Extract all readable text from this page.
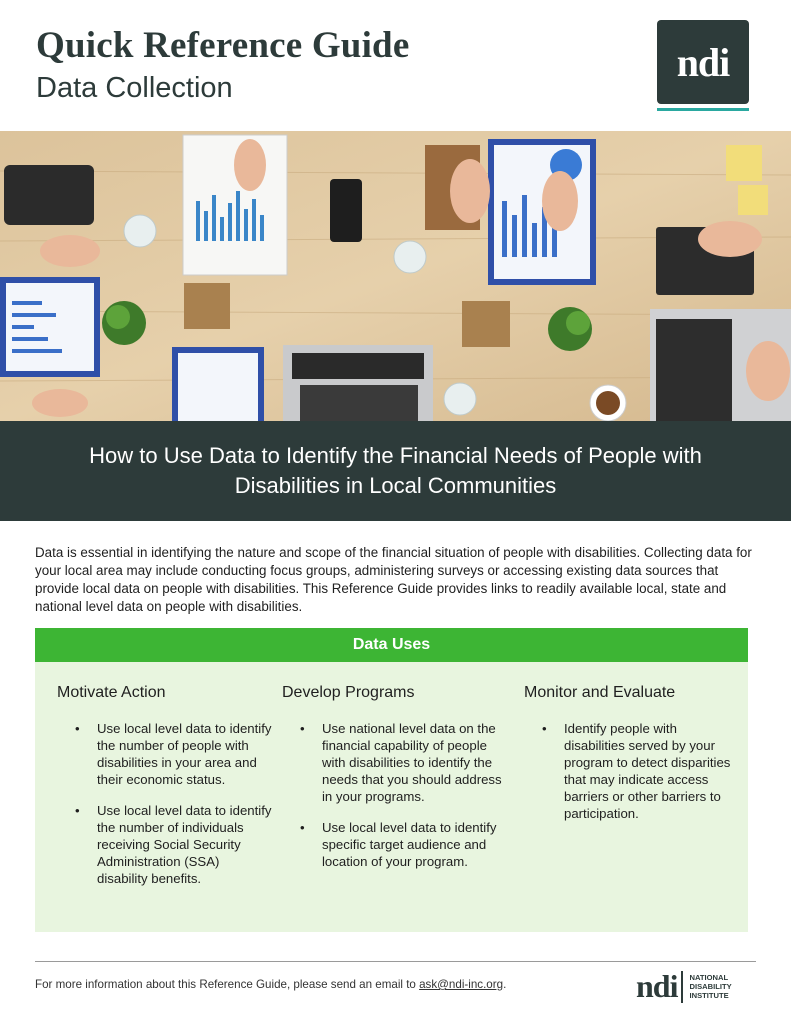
Quick Reference Guide
Data Collection
ndi
How to Use Data to Identify the Financial Needs of People with Disabilities in Local Communities

Data is essential in identifying the nature and scope of the financial situation of people with disabilities. Collecting data for your local area may include conducting focus groups, administering surveys or accessing existing data sources that provide local data on people with disabilities. This Reference Guide provides links to readily available local, state and national level data on people with disabilities.

Data Uses
Motivate Action
• Use local level data to identify the number of people with disabilities in your area and their economic status.
• Use local level data to identify the number of individuals receiving Social Security Administration (SSA) disability benefits.
Develop Programs
• Use national level data on the financial capability of people with disabilities to identify the needs that you should address in your programs.
• Use local level data to identify specific target audience and location of your program.
Monitor and Evaluate
• Identify people with disabilities served by your program to detect disparities that may indicate access barriers or other barriers to participation.
For more information about this Reference Guide, please send an email to ask@ndi-inc.org.	ndi NATIONAL
DISABILITY
INSTITUTE
